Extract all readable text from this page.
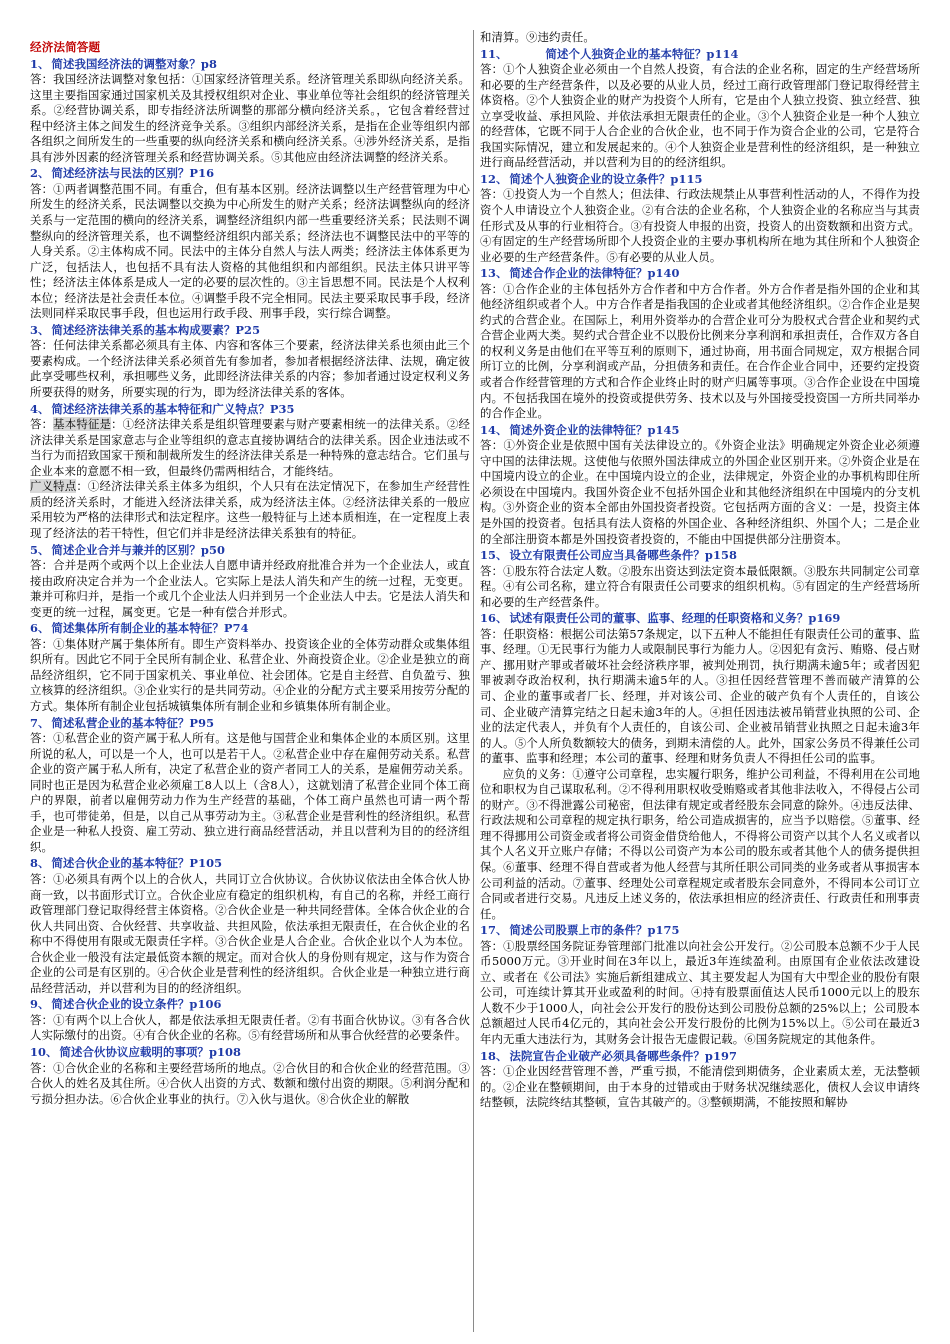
经济法简答题
1、 简述我国经济法的调整对象？p8

答：我国经济法调整对象包括：①国家经济管理关系。经济管理关系即纵向经济关系。这里主要指国家通过国家机关及其授权组织对企业、事业单位等社会组织的经济管理关系。②经营协调关系，即专指经济法所调整的那部分横向经济关系。，它包含着经营过程中经济主体之间发生的经济竞争关系。③组织内部经济关系，是指在企业等组织内部各组织之间所发生的一些重要的纵向经济关系和横向经济关系。④涉外经济关系，是指具有涉外因素的经济管理关系和经营协调关系。⑤其他应由经济法调整的经济关系。

2、 简述经济法与民法的区别？P16

答：①两者调整范围不同。有重合，但有基本区别。经济法调整以生产经营管理为中心所发生的经济关系，民法调整以交换为中心所发生的财产关系；经济法调整纵向的经济关系与一定范围的横向的经济关系，调整经济组织内部一些重要经济关系；民法则不调整纵向的经济管理关系，也不调整经济组织内部关系；经济法也不调整民法中的平等的人身关系。②主体构成不同。民法中的主体分自然人与法人两类；经济法主体体系更为广泛，包括法人，也包括不具有法人资格的其他组织和内部组织。民法主体只讲平等性；经济法主体体系是成人一定的必要的层次性的。③主旨思想不同。民法是个人权利本位；经济法是社会责任本位。④调整手段不完全相同。民法主要采取民事手段，经济法则同样采取民事手段，但也运用行政手段、刑事手段，实行综合调整。

3、 简述经济法律关系的基本构成要素？P25

答：任何法律关系都必须具有主体、内容和客体三个要素，经济法律关系也须由此三个要素构成。一个经济法律关系必须首先有参加者，参加者根据经济法律、法规，确定彼此享受哪些权利，承担哪些义务，此即经济法律关系的内容；参加者通过设定权利义务所要获得的财务，所要实现的行为，即为经济法律关系的客体。

4、 简述经济法律关系的基本特征和广义特点？P35

答：基本特征是：①经济法律关系是组织管理要素与财产要素相统一的法律关系。②经济法律关系是国家意志与企业等组织的意志直接协调结合的法律关系。因企业违法或不当行为而招致国家干预和制裁所发生的经济法律关系是一种特殊的意志结合。它们虽与企业本来的意愿不相一致，但最终仍需两相结合，才能终结。

广义特点：①经济法律关系主体多为组织，个人只有在法定情况下，在参加生产经营性质的经济关系时，才能进入经济法律关系，成为经济法主体。②经济法律关系的一般应采用较为严格的法律形式和法定程序。这些一般特征与上述本质相连，在一定程度上表现了经济法的若干特性，但它们并非是经济法律关系独有的特征。

5、 简述企业合并与兼并的区别？p50

答：合并是两个或两个以上企业法人自愿申请并经政府批准合并为一个企业法人，或直接由政府决定合并为一个企业法人。它实际上是法人消失和产生的统一过程，无变更。兼并可称归并，是指一个或几个企业法人归并到另一个企业法人中去。它是法人消失和变更的统一过程，属变更。它是一种有偿合并形式。

6、 简述集体所有制企业的基本特征？P74

答：①集体财产属于集体所有。即生产资料举办、投资该企业的全体劳动群众或集体组织所有。因此它不同于全民所有制企业、私营企业、外商投资企业。②企业是独立的商品经济组织，它不同于国家机关、事业单位、社会团体。它是自主经营、自负盈亏、独立核算的经济组织。③企业实行的是共同劳动。④企业的分配方式主要采用按劳分配的方式。集体所有制企业包括城镇集体所有制企业和乡镇集体所有制企业。

7、 简述私营企业的基本特征？P95

答：①私营企业的资产属于私人所有。这是他与国营企业和集体企业的本质区别。这里所说的私人，可以是一个人，也可以是若干人。②私营企业中存在雇佣劳动关系。私营企业的资产属于私人所有，决定了私营企业的资产者同工人的关系，是雇佣劳动关系。同时也正是因为私营企业必须雇工8人以上（含8人），这就划清了私营企业同个体工商户的界限，前者以雇佣劳动力作为生产经营的基础，个体工商户虽然也可请一两个帮手，也可带徒弟，但是，以自己从事劳动为主。③私营企业是营利性的经济组织。私营企业是一种私人投资、雇工劳动、独立进行商品经营活动，并且以营利为目的的经济组织。

8、 简述合伙企业的基本特征？P105

答：①必须具有两个以上的合伙人，共同订立合伙协议。合伙协议依法由全体合伙人协商一致，以书面形式订立。合伙企业应有稳定的组织机构，有自己的名称，并经工商行政管理部门登记取得经营主体资格。②合伙企业是一种共同经营体。全体合伙企业的合伙人共同出资、合伙经营、共享收益、共担风险，依法承担无限责任，在合伙企业的名称中不得使用有限或无限责任字样。③合伙企业是人合企业。合伙企业以个人为本位。合伙企业一般没有法定最低资本额的规定。而对合伙人的身份则有规定，这与作为资合企业的公司是有区别的。④合伙企业是营利性的经济组织。合伙企业是一种独立进行商品经营活动，并以营利为目的的经济组织。

9、 简述合伙企业的设立条件？p106

答：①有两个以上合伙人，都是依法承担无限责任者。②有书面合伙协议。③有各合伙人实际缴付的出资。④有合伙企业的名称。⑤有经营场所和从事合伙经营的必要条件。

10、 简述合伙协议应载明的事项？p108

答：①合伙企业的名称和主要经营场所的地点。②合伙目的和合伙企业的经营范围。③合伙人的姓名及其住所。④合伙人出资的方式、数额和缴付出资的期限。⑤利润分配和亏损分担办法。⑥合伙企业事业的执行。⑦入伙与退伙。⑧合伙企业的解散

和清算。⑨违约责任。

11、	简述个人独资企业的基本特征？p114

答：①个人独资企业必须由一个自然人投资，有合法的企业名称，固定的生产经营场所和必要的生产经营条件，以及必要的从业人员，经过工商行政管理部门登记取得经营主体资格。②个人独资企业的财产为投资个人所有，它是由个人独立投资、独立经营、独立享受收益、承担风险、并依法承担无限责任的企业。③个人独资企业是一种个人独立的经营体，它既不同于人合企业的合伙企业，也不同于作为资合企业的公司，它是符合我国实际情况，建立和发展起来的。④个人独资企业是营利性的经济组织，是一种独立进行商品经营活动，并以营利为目的的经济组织。

12、 简述个人独资企业的设立条件？p115

答：①投资人为一个自然人；但法律、行政法规禁止从事营利性活动的人，不得作为投资个人申请设立个人独资企业。②有合法的企业名称，个人独资企业的名称应当与其责任形式及从事的行业相符合。③有投资人申报的出资，投资人的出资数额和出资方式。④有固定的生产经营场所即个人投资企业的主要办事机构所在地为其住所和个人独资企业必要的生产经营条件。⑤有必要的从业人员。

13、 简述合作企业的法律特征？p140

答：①合作企业的主体包括外方合作者和中方合作者。外方合作者是指外国的企业和其他经济组织或者个人。中方合作者是指我国的企业或者其他经济组织。②合作企业是契约式的合营企业。在国际上，利用外资举办的合营企业可分为股权式合营企业和契约式合营企业两大类。契约式合营企业不以股份比例来分享利润和承担责任，合作双方各自的权利义务是由他们在平等互利的原则下，通过协商，用书面合同规定，双方根据合同所订立的比例，分享利润或产品，分担债务和责任。在合作企业合同中，还要约定投资或者合作经营管理的方式和合作企业终止时的财产归属等事项。③合作企业设在中国境内。不包括我国在境外的投资或提供劳务、技术以及与外国接受投资国一方所共同举办的合作企业。

14、 简述外资企业的法律特征？p145

答：①外资企业是依照中国有关法律设立的。《外资企业法》明确规定外资企业必须遵守中国的法律法规。这使他与依照外国法律成立的外国企业区别开来。②外资企业是在中国境内设立的企业。在中国境内设立的企业，法律规定，外资企业的办事机构即住所必须设在中国境内。我国外资企业不包括外国企业和其他经济组织在中国境内的分支机构。③外资企业的资本全部由外国投资者投资。它包括两方面的含义：一是，投资主体是外国的投资者。包括具有法人资格的外国企业、各种经济组织、外国个人；二是企业的全部注册资本都是外国投资者投资的，不能由中国提供部分注册资本。

15、 设立有限责任公司应当具备哪些条件？p158

答：①股东符合法定人数。②股东出资达到法定资本最低限额。③股东共同制定公司章程。④有公司名称，建立符合有限责任公司要求的组织机构。⑤有固定的生产经营场所和必要的生产经营条件。

16、 试述有限责任公司的董事、监事、经理的任职资格和义务？p169

答：任职资格：根据公司法第57条规定，以下五种人不能担任有限责任公司的董事、监事、经理。①无民事行为能力人或限制民事行为能力人。②因犯有贪污、贿赂、侵占财产、挪用财产罪或者破坏社会经济秩序罪，被判处刑罚，执行期满未逾5年；或者因犯罪被剥夺政治权利，执行期满未逾5年的人。③担任因经营管理不善而破产清算的公司、企业的董事或者厂长、经理，并对该公司、企业的破产负有个人责任的，自该公司、企业破产清算完结之日起未逾3年的人。④担任因违法被吊销营业执照的公司、企业的法定代表人，并负有个人责任的，自该公司、企业被吊销营业执照之日起未逾3年的人。⑤个人所负数额较大的债务，到期未清偿的人。此外，国家公务员不得兼任公司的董事、监事和经理；本公司的董事、经理和财务负责人不得担任公司的监事。

应负的义务：①遵守公司章程，忠实履行职务，维护公司利益，不得利用在公司地位和职权为自己谋取私利。②不得利用职权收受贿赂或者其他非法收入，不得侵占公司的财产。③不得泄露公司秘密，但法律有规定或者经股东会同意的除外。④违反法律、行政法规和公司章程的规定执行职务，给公司造成损害的，应当予以赔偿。⑤董事、经理不得挪用公司资金或者将公司资金借贷给他人，不得将公司资产以其个人名义或者以其个人名义开立账户存储；不得以公司资产为本公司的股东或者其他个人的债务提供担保。⑥董事、经理不得自营或者为他人经营与其所任职公司同类的业务或者从事损害本公司利益的活动。⑦董事、经理处公司章程规定或者股东会同意外，不得同本公司订立合同或者进行交易。凡违反上述义务的，依法承担相应的经济责任、行政责任和刑事责任。

17、 简述公司股票上市的条件？p175

答：①股票经国务院证券管理部门批准以向社会公开发行。②公司股本总额不少于人民币5000万元。③开业时间在3年以上，最近3年连续盈利。由原国有企业依法改建设立、或者在《公司法》实施后新组建成立、其主要发起人为国有大中型企业的股份有限公司，可连续计算其开业或盈利的时间。④持有股票面值达人民币1000元以上的股东人数不少于1000人，向社会公开发行的股份达到公司股份总额的25%以上；公司股本总额超过人民币4亿元的，其向社会公开发行股份的比例为15%以上。⑤公司在最近3年内无重大违法行为，其财务会计报告无虚假记载。⑥国务院规定的其他条件。

18、 法院宣告企业破产必须具备哪些条件？p197

答：①企业因经营管理不善，严重亏损，不能清偿到期债务，企业素质太差，无法整顿的。②企业在整顿期间，由于本身的过错或由于财务状况继续恶化，债权人会议申请终结整顿，法院终结其整顿，宣告其破产的。③整顿期满，不能按照和解协
